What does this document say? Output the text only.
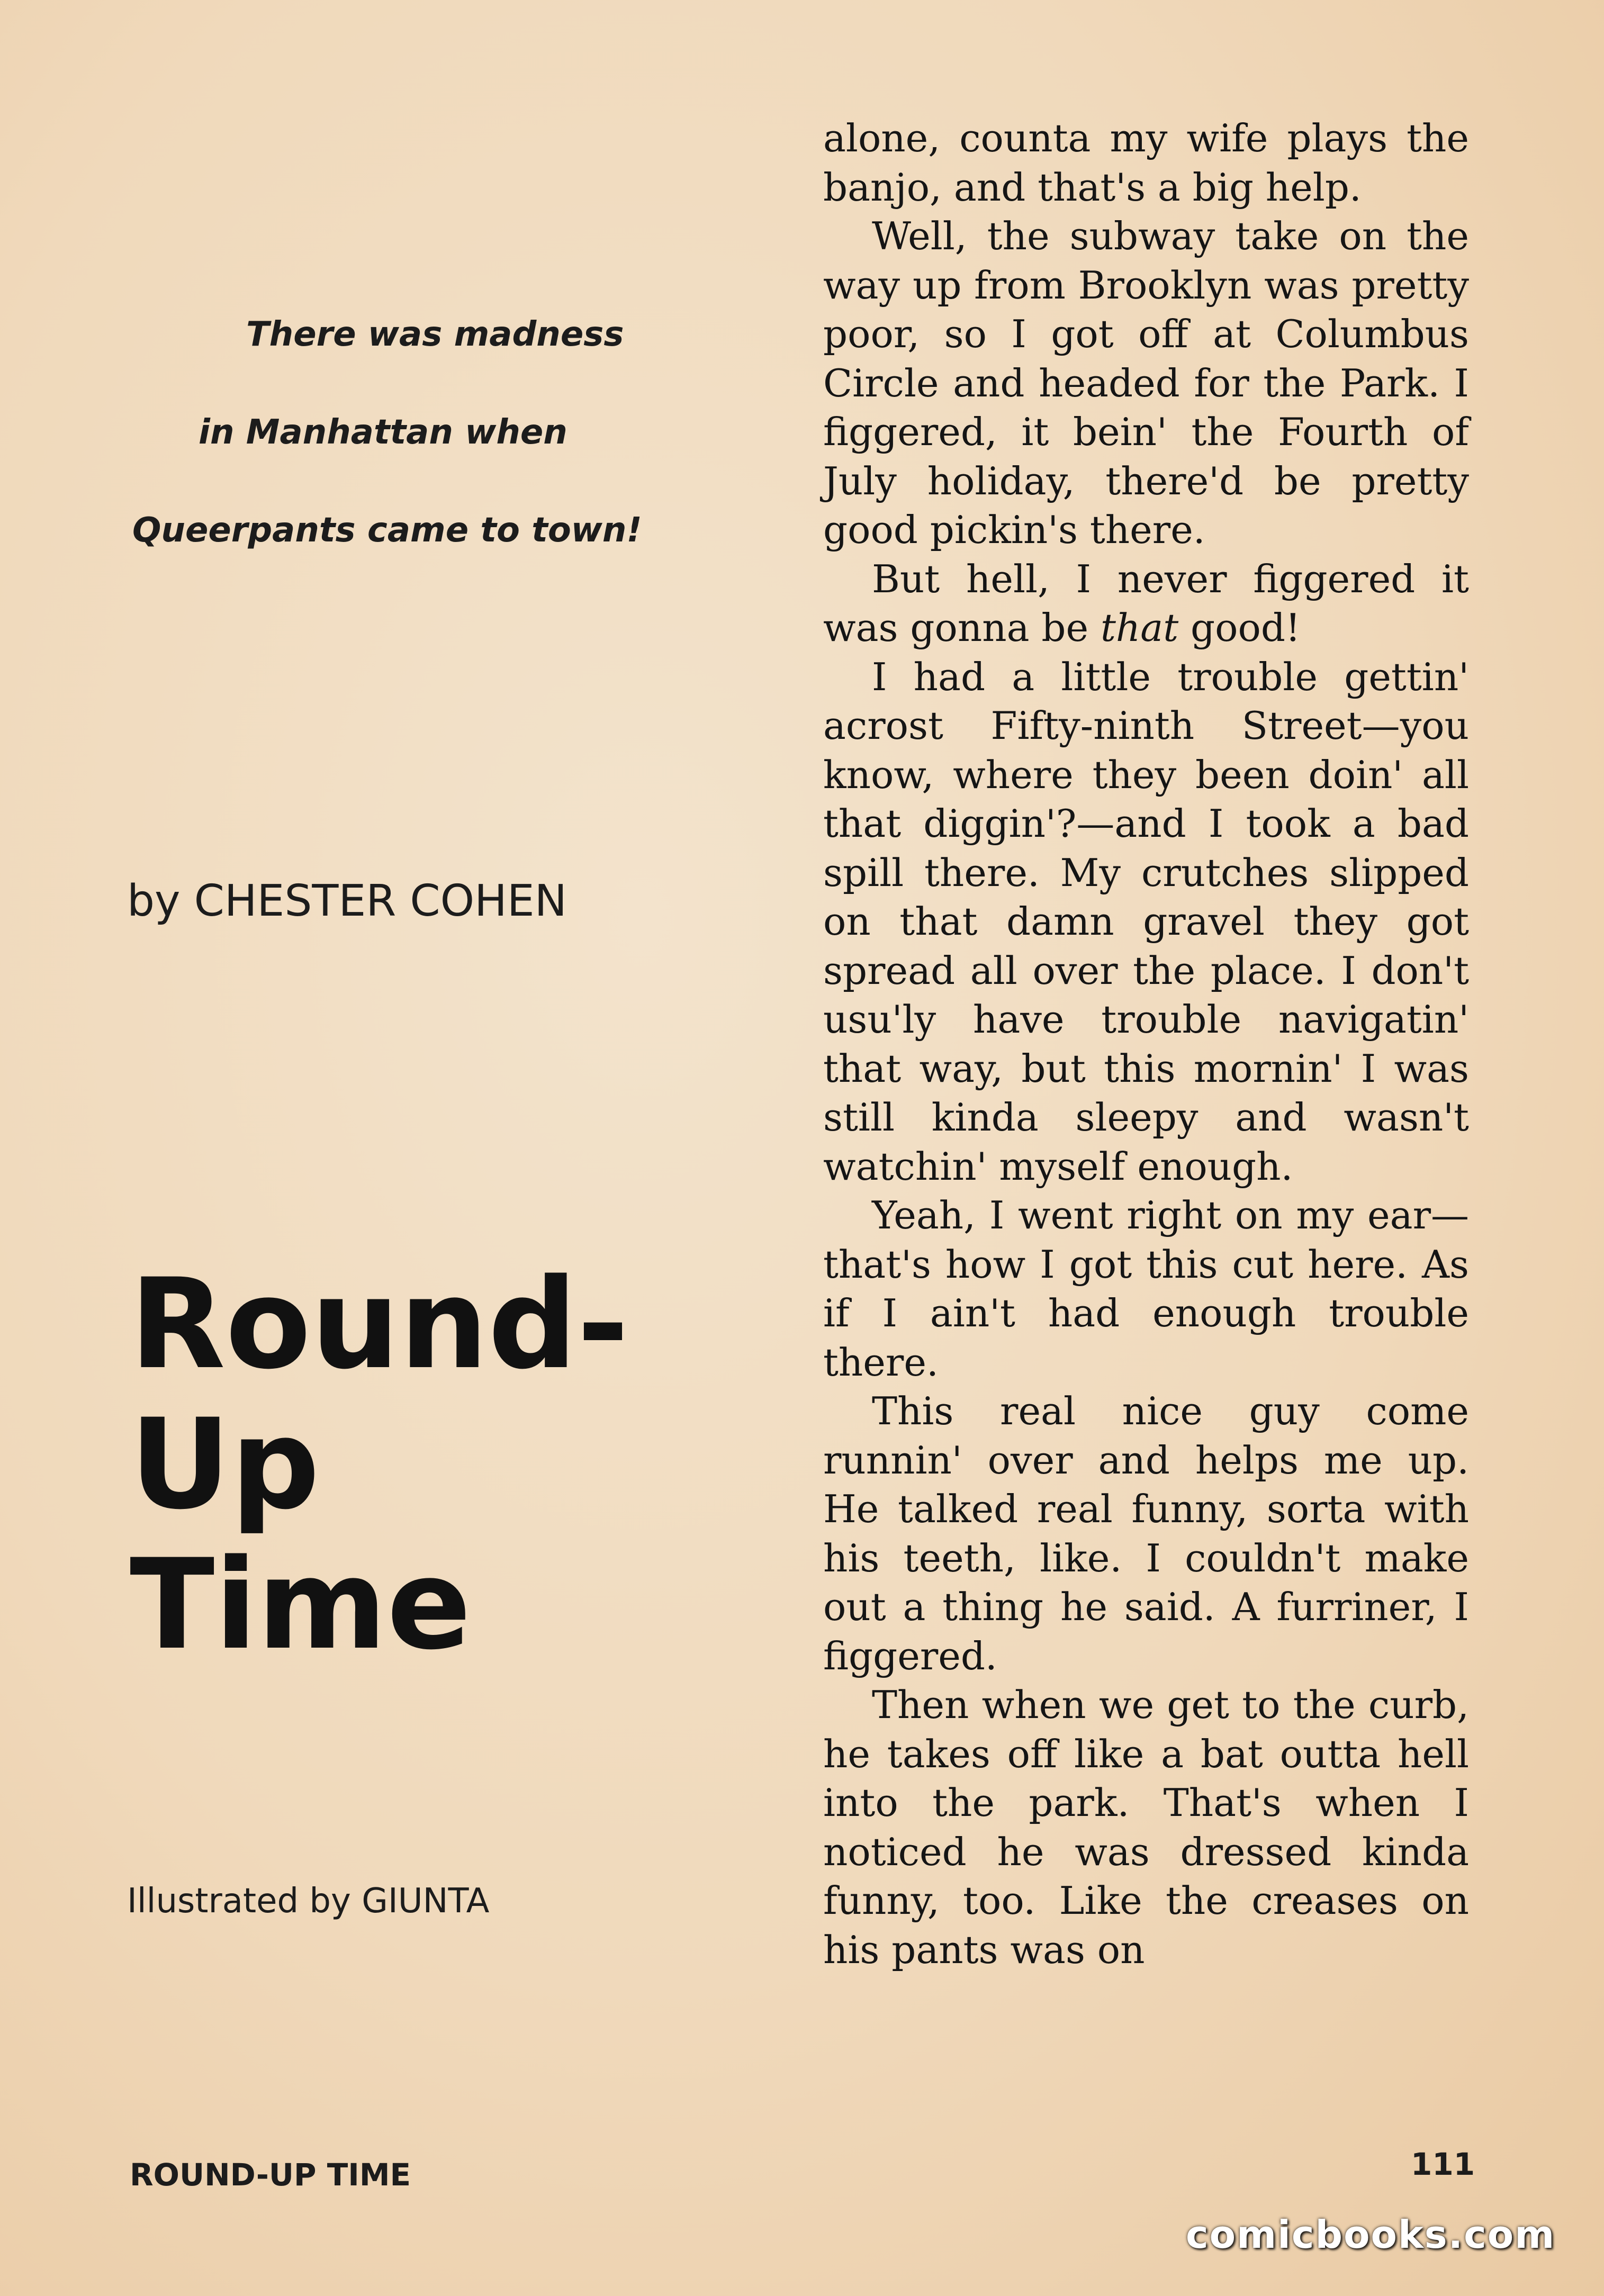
There was madness
in Manhattan when
Queerpants came to town!
by CHESTER COHEN
Round-Up
Time
Illustrated by GIUNTA

alone, counta my wife plays the banjo, and that's a big help.

Well, the subway take on the way up from Brooklyn was pretty poor, so I got off at Columbus Circle and headed for the Park. I figgered, it bein' the Fourth of July holiday, there'd be pretty good pickin's there.

But hell, I never figgered it was gonna be that good!

I had a little trouble gettin' acrost Fifty-ninth Street—you know, where they been doin' all that diggin'?—and I took a bad spill there. My crutches slipped on that damn gravel they got spread all over the place. I don't usu'ly have trouble navigatin' that way, but this mornin' I was still kinda sleepy and wasn't watchin' myself enough.

Yeah, I went right on my ear—that's how I got this cut here. As if I ain't had enough trouble there.

This real nice guy come runnin' over and helps me up. He talked real funny, sorta with his teeth, like. I couldn't make out a thing he said. A furriner, I figgered.

Then when we get to the curb, he takes off like a bat outta hell into the park. That's when I noticed he was dressed kinda funny, too. Like the creases on his pants was on

ROUND-UP TIME	111
comicbooks.com
